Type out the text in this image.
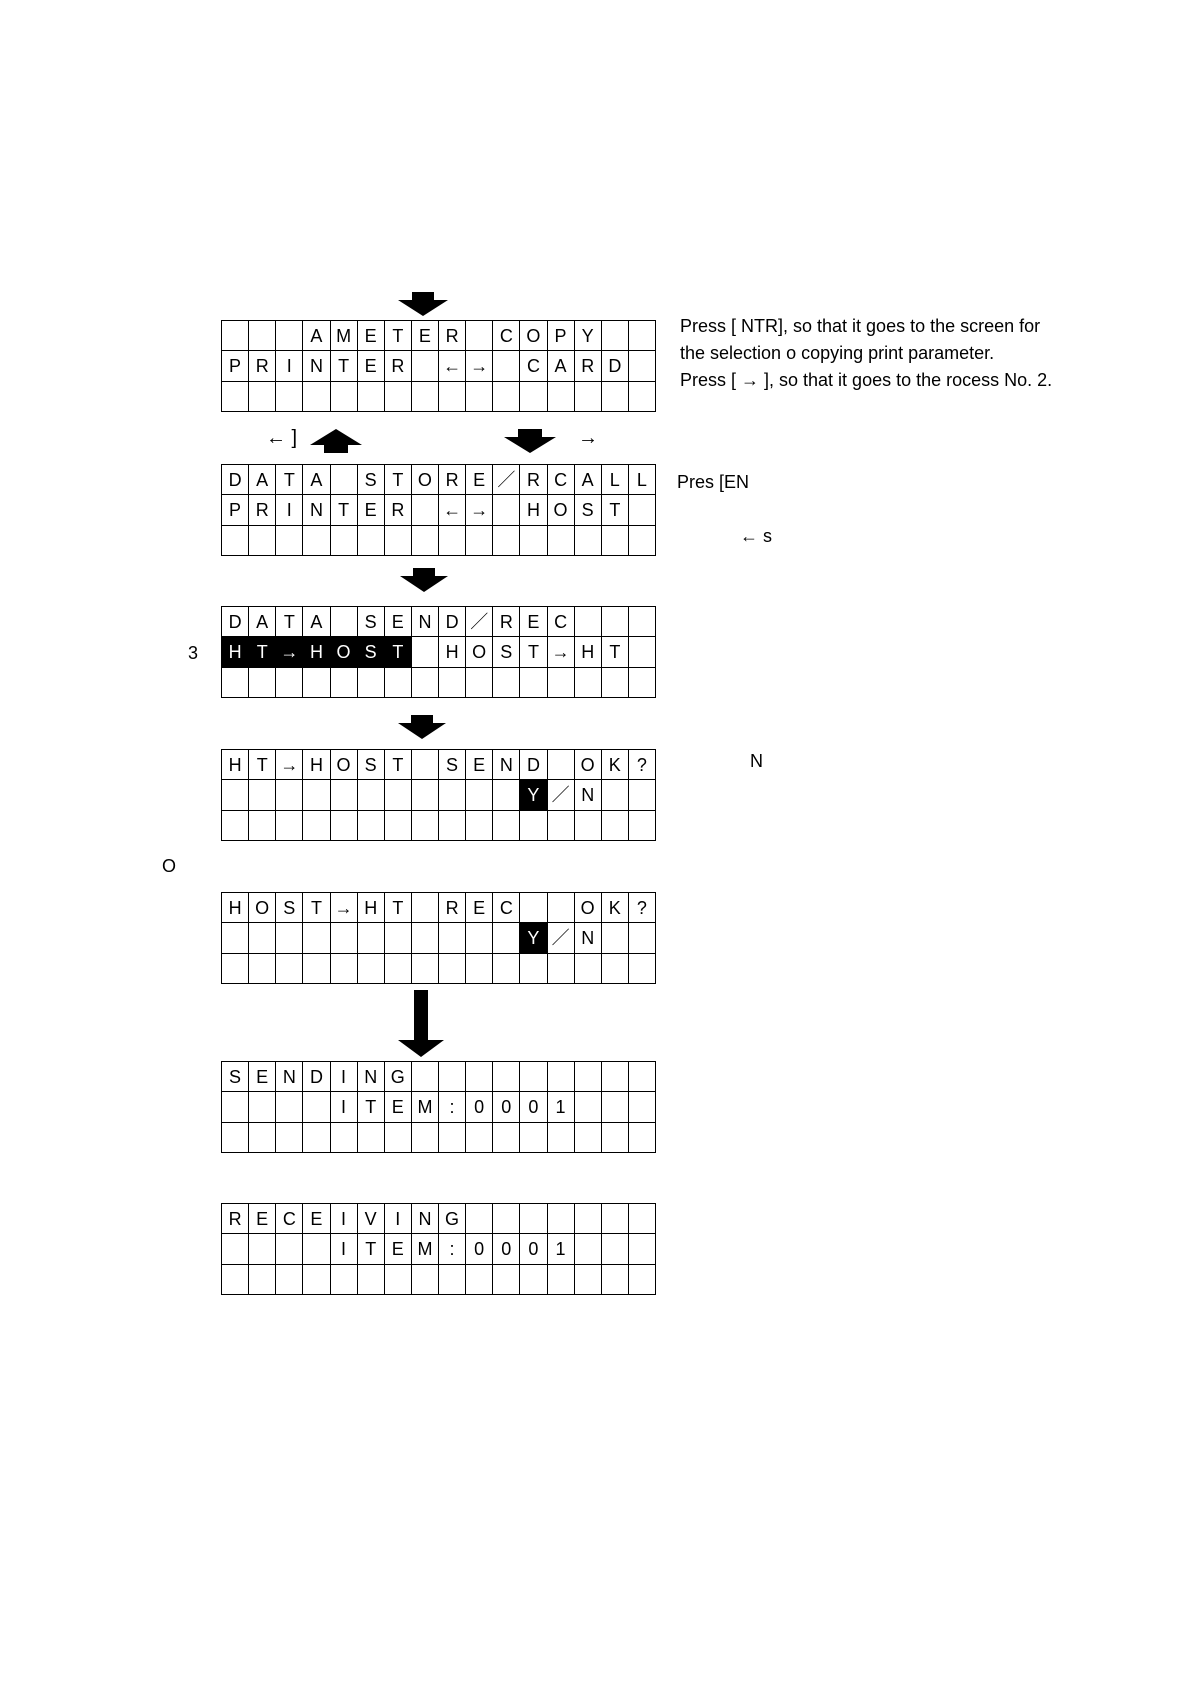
			A	M	E	T	E	R		C	O	P	Y		
P	R	I	N	T	E	R		←	→		C	A	R	D	

Press [ NTR], so that it goes to the screen for
the selection o copying print parameter.
Press [ → ], so that it goes to the rocess No. 2.
← ]	→
D	A	T	A		S	T	O	R	E	／	R	C	A	L	L
P	R	I	N	T	E	R		←	→		H	O	S	T	

Pres [EN
← s
3
D	A	T	A		S	E	N	D	／	R	E	C			
H	T	→	H	O	S	T		H	O	S	T	→	H	T	

H	T	→	H	O	S	T		S	E	N	D		O	K	?
											Y	／	N		

N
O
H	O	S	T	→	H	T		R	E	C			O	K	?
											Y	／	N		

S	E	N	D	I	N	G									
				I	T	E	M	:	0	0	0	1			

R	E	C	E	I	V	I	N	G							
				I	T	E	M	:	0	0	0	1			
